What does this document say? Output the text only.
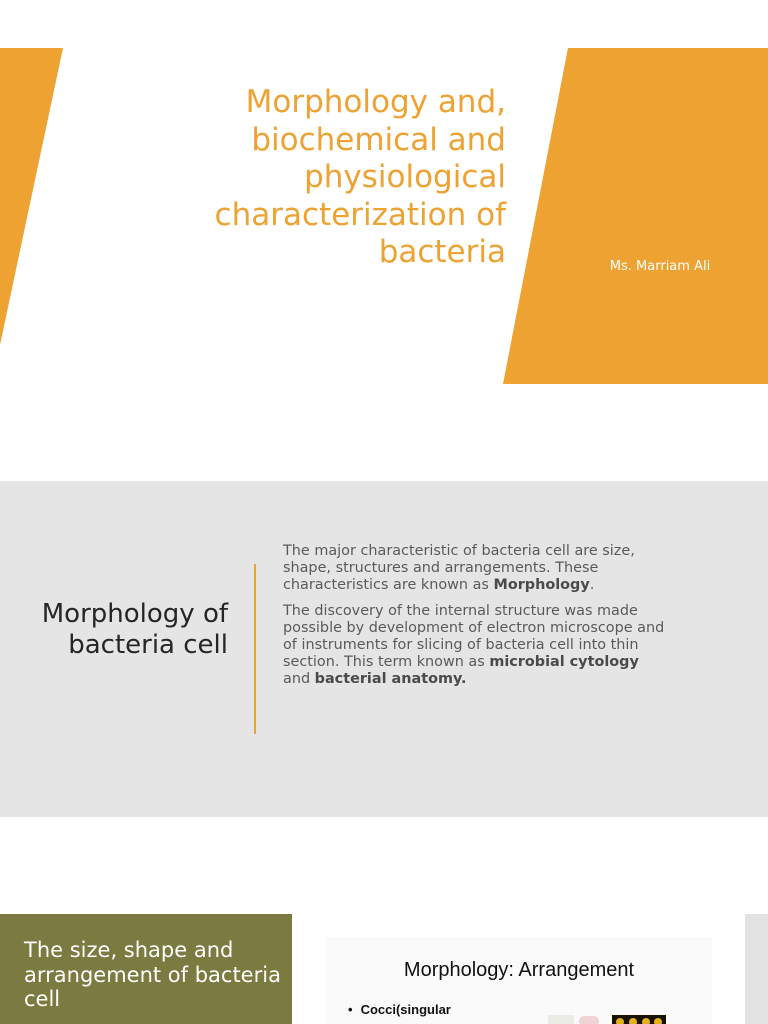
Morphology and, biochemical and physiological characterization of bacteria	Ms. Marriam Ali
Morphology of bacteria cell

The major characteristic of bacteria cell are size, shape, structures and arrangements. These characteristics are known as Morphology.

The discovery of the internal structure was made possible by development of electron microscope and of instruments for slicing of bacteria cell into thin section. This term known as microbial cytology and bacterial anatomy.

The size, shape and arrangement of bacteria cell
Morphology: Arrangement
• Cocci(singular
